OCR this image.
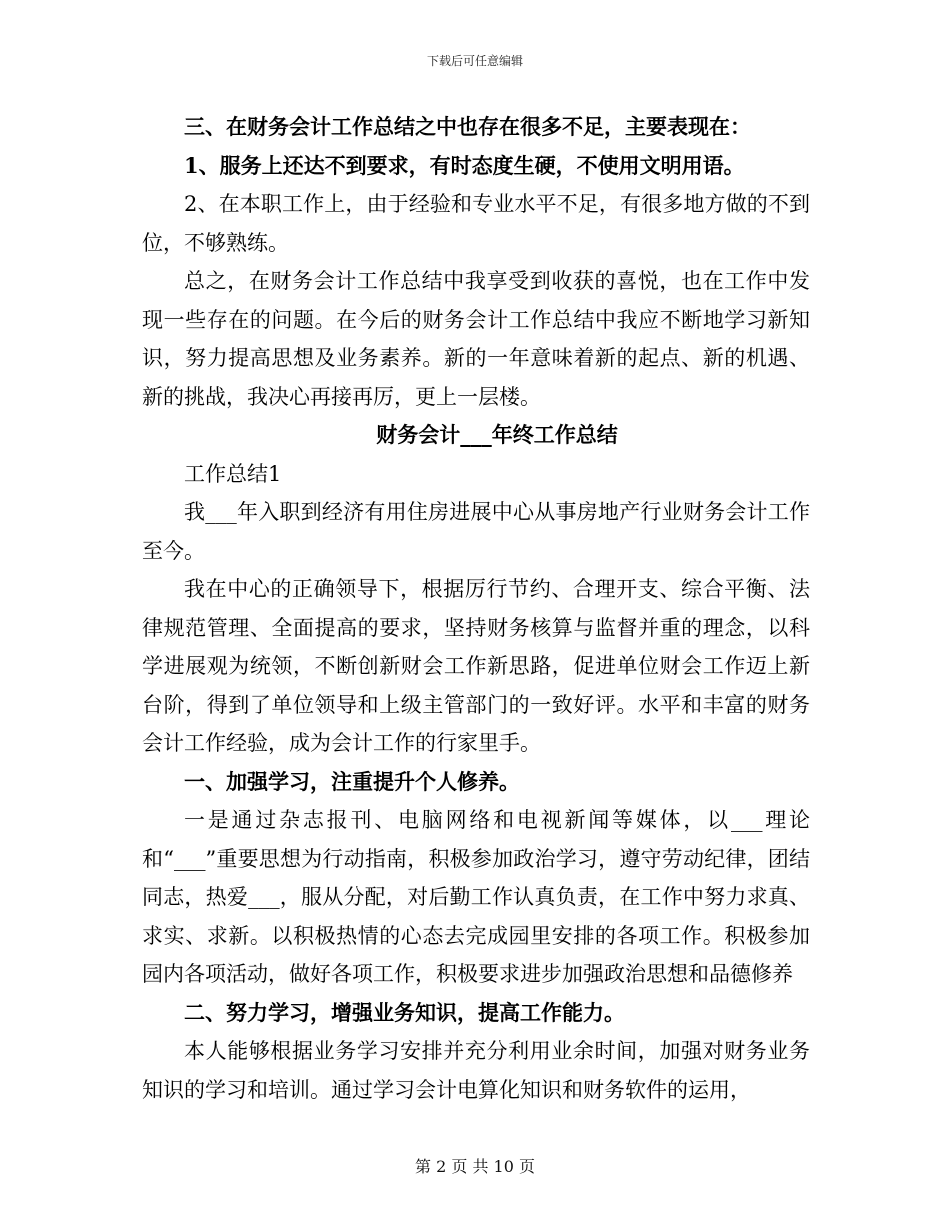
下载后可任意编辑

三、在财务会计工作总结之中也存在很多不足，主要表现在：

1、服务上还达不到要求，有时态度生硬，不使用文明用语。

2、在本职工作上，由于经验和专业水平不足，有很多地方做的不到位，不够熟练。

总之，在财务会计工作总结中我享受到收获的喜悦，也在工作中发现一些存在的问题。在今后的财务会计工作总结中我应不断地学习新知识，努力提高思想及业务素养。新的一年意味着新的起点、新的机遇、新的挑战，我决心再接再厉，更上一层楼。

财务会计___年终工作总结

工作总结1

我___年入职到经济有用住房进展中心从事房地产行业财务会计工作至今。

我在中心的正确领导下，根据厉行节约、合理开支、综合平衡、法律规范管理、全面提高的要求，坚持财务核算与监督并重的理念，以科学进展观为统领，不断创新财会工作新思路，促进单位财会工作迈上新台阶，得到了单位领导和上级主管部门的一致好评。水平和丰富的财务会计工作经验，成为会计工作的行家里手。

一、加强学习，注重提升个人修养。

一是通过杂志报刊、电脑网络和电视新闻等媒体，以___理论和“___”重要思想为行动指南，积极参加政治学习，遵守劳动纪律，团结同志，热爱___，服从分配，对后勤工作认真负责，在工作中努力求真、求实、求新。以积极热情的心态去完成园里安排的各项工作。积极参加园内各项活动，做好各项工作，积极要求进步加强政治思想和品德修养

二、努力学习，增强业务知识，提高工作能力。

本人能够根据业务学习安排并充分利用业余时间，加强对财务业务知识的学习和培训。通过学习会计电算化知识和财务软件的运用，

第 2 页 共 10 页
